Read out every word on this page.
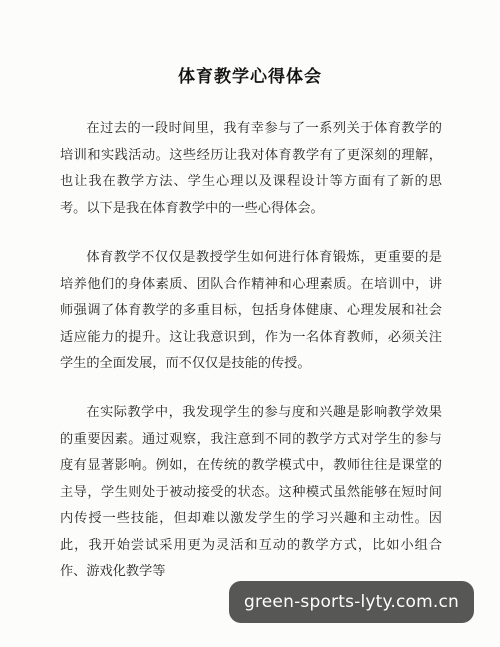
体育教学心得体会

在过去的一段时间里，我有幸参与了一系列关于体育教学的培训和实践活动。这些经历让我对体育教学有了更深刻的理解，也让我在教学方法、学生心理以及课程设计等方面有了新的思考。以下是我在体育教学中的一些心得体会。

体育教学不仅仅是教授学生如何进行体育锻炼，更重要的是培养他们的身体素质、团队合作精神和心理素质。在培训中，讲师强调了体育教学的多重目标，包括身体健康、心理发展和社会适应能力的提升。这让我意识到，作为一名体育教师，必须关注学生的全面发展，而不仅仅是技能的传授。

在实际教学中，我发现学生的参与度和兴趣是影响教学效果的重要因素。通过观察，我注意到不同的教学方式对学生的参与度有显著影响。例如，在传统的教学模式中，教师往往是课堂的主导，学生则处于被动接受的状态。这种模式虽然能够在短时间内传授一些技能，但却难以激发学生的学习兴趣和主动性。因此，我开始尝试采用更为灵活和互动的教学方式，比如小组合作、游戏化教学等

green-sports-lyty.com.cn
